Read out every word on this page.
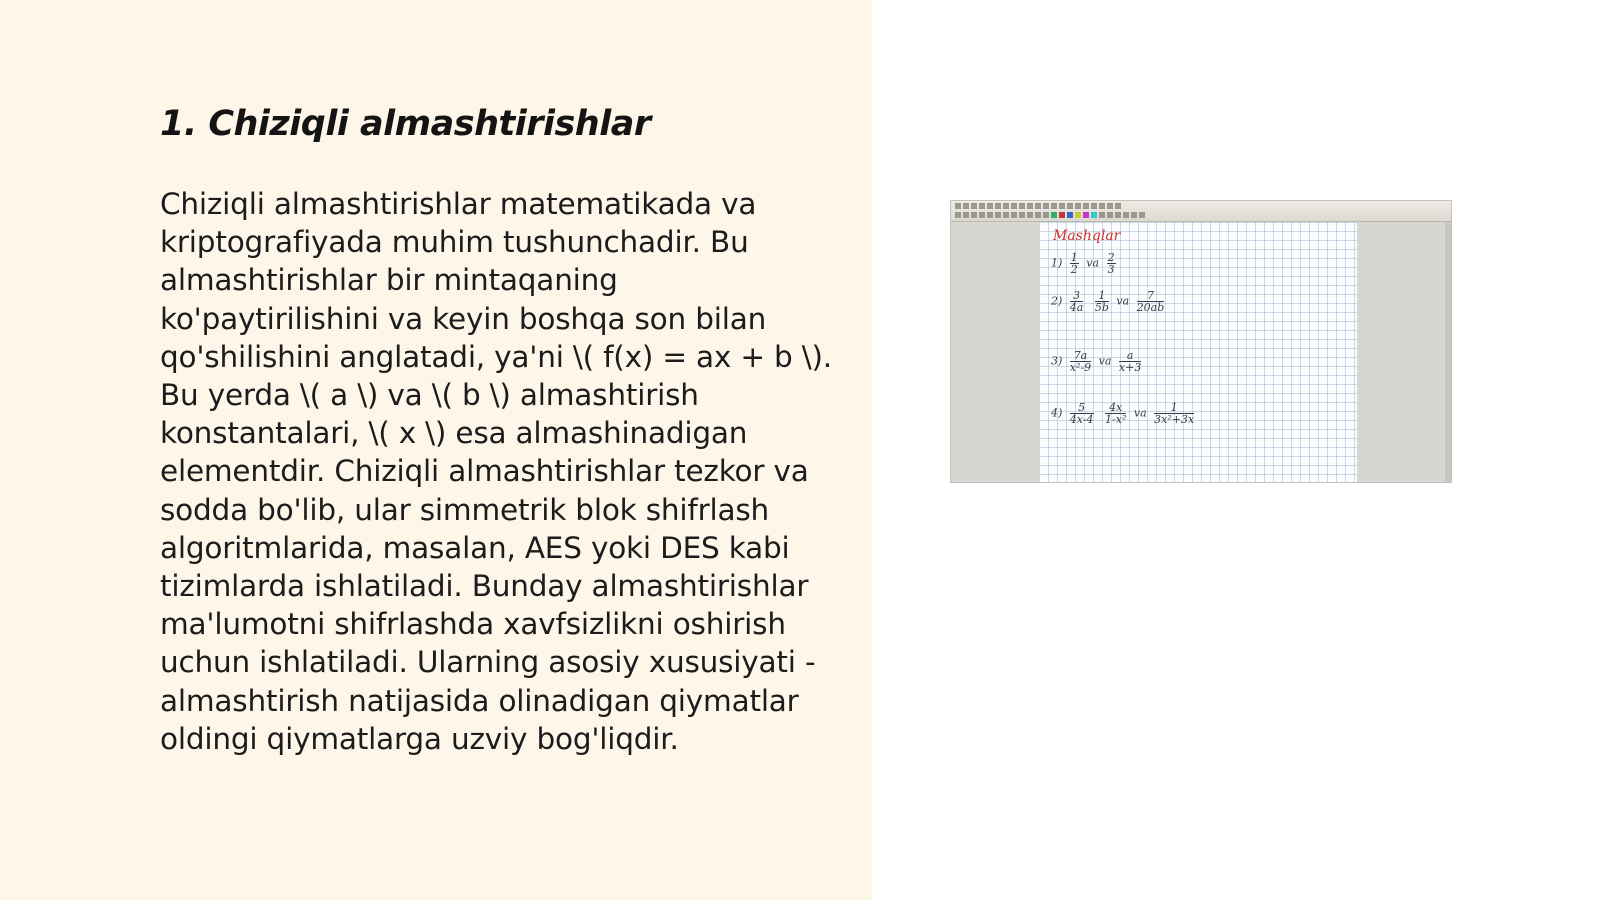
1. Chiziqli almashtirishlar

Chiziqli almashtirishlar matematikada va kriptografiyada muhim tushunchadir. Bu almashtirishlar bir mintaqaning ko'paytirilishini va keyin boshqa son bilan qo'shilishini anglatadi, ya'ni \( f(x) = ax + b \). Bu yerda \( a \) va \( b \) almashtirish konstantalari, \( x \) esa almashinadigan elementdir. Chiziqli almashtirishlar tezkor va sodda bo'lib, ular simmetrik blok shifrlash algoritmlarida, masalan, AES yoki DES kabi tizimlarda ishlatiladi. Bunday almashtirishlar ma'lumotni shifrlashda xavfsizlikni oshirish uchun ishlatiladi. Ularning asosiy xususiyati - almashtirish natijasida olinadigan qiymatlar oldingi qiymatlarga uzviy bog'liqdir.

Mashqlar
$1) \frac{1}{2}$ va $\frac{2}{3}$
$2) \frac{3}{4a}$
$\frac{1}{5b}$ va $\frac{7}{20ab}$
$3) \frac{7a}{\text{x²-9}}$ va $\frac{a}{x+3}$
$4) \frac{5}{4x-4}$
$\frac{4x}{\text{1-x²}}$ va $\frac{1}{\text{3x²+3x}}$
